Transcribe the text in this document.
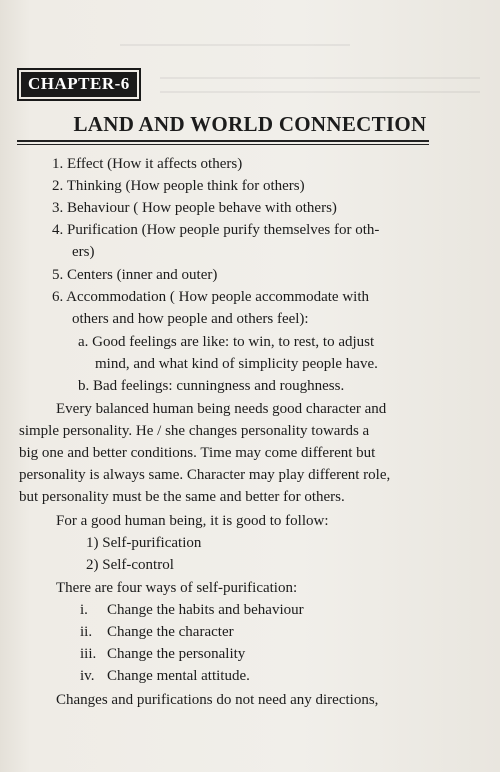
CHAPTER-6
LAND AND WORLD CONNECTION
1. Effect (How it affects others)
2. Thinking (How people think for others)
3. Behaviour ( How people behave with others)
4. Purification (How people purify themselves for oth-
ers)
5. Centers (inner and outer)
6. Accommodation ( How people accommodate with
others and how people and others feel):
a. Good feelings are like: to win, to rest, to adjust
mind, and what kind of simplicity people have.
b. Bad feelings: cunningness and roughness.
Every balanced human being needs good character and
simple personality. He / she changes personality towards a
big one and better conditions. Time may come different but
personality is always same. Character may play different role,
but personality must be the same and better for others.
For a good human being, it is good to follow:
1) Self-purification
2) Self-control
There are four ways of self-purification:
i. Change the habits and behaviour
ii. Change the character
iii. Change the personality
iv. Change mental attitude.
Changes and purifications do not need any directions,
